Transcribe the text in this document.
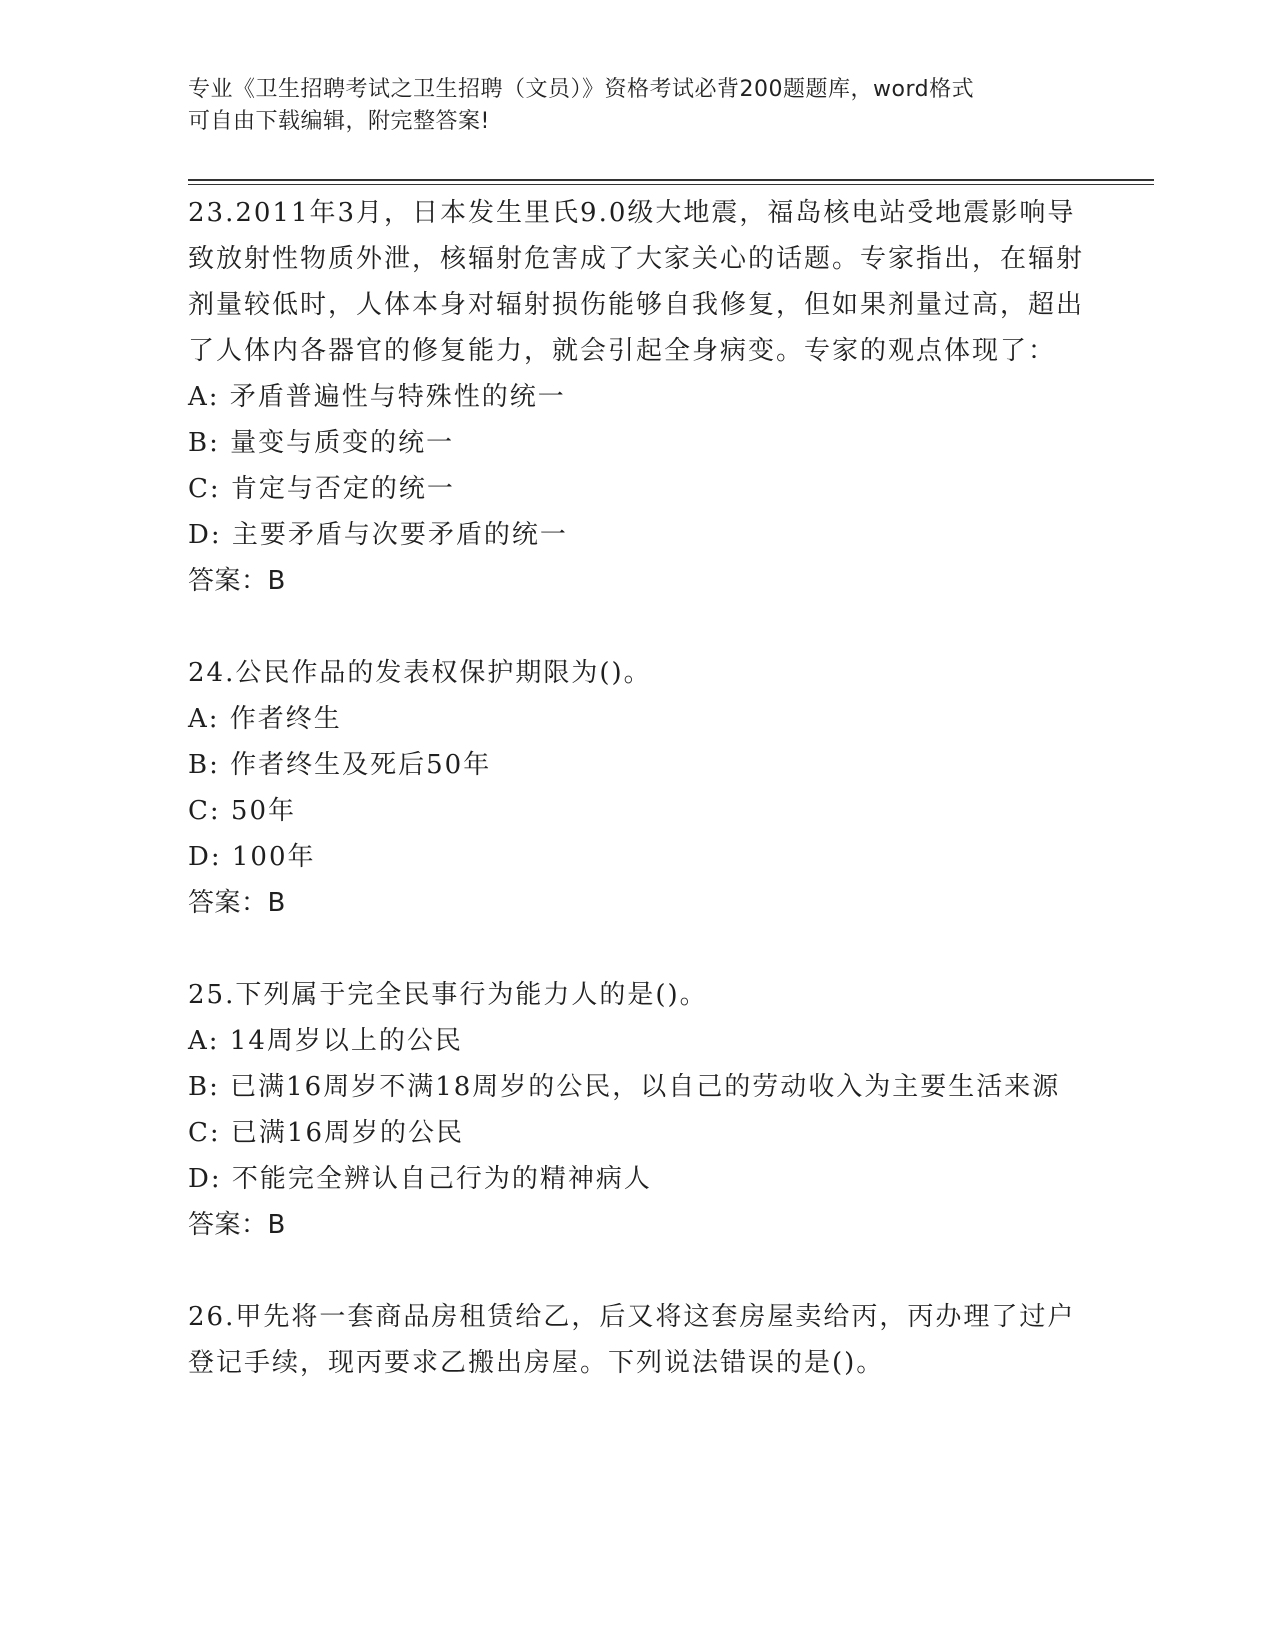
专业《卫生招聘考试之卫生招聘（文员）》资格考试必背200题题库，word格式
可自由下载编辑，附完整答案!

23.2011年3月，日本发生里氏9.0级大地震，福岛核电站受地震影响导致放射性物质外泄，核辐射危害成了大家关心的话题。专家指出，在辐射剂量较低时，人体本身对辐射损伤能够自我修复，但如果剂量过高，超出了人体内各器官的修复能力，就会引起全身病变。专家的观点体现了：

A: 矛盾普遍性与特殊性的统一

B: 量变与质变的统一

C: 肯定与否定的统一

D: 主要矛盾与次要矛盾的统一

答案：B

24.公民作品的发表权保护期限为()。

A: 作者终生

B: 作者终生及死后50年

C: 50年

D: 100年

答案：B

25.下列属于完全民事行为能力人的是()。

A: 14周岁以上的公民

B: 已满16周岁不满18周岁的公民，以自己的劳动收入为主要生活来源

C: 已满16周岁的公民

D: 不能完全辨认自己行为的精神病人

答案：B

26.甲先将一套商品房租赁给乙，后又将这套房屋卖给丙，丙办理了过户登记手续，现丙要求乙搬出房屋。下列说法错误的是()。
